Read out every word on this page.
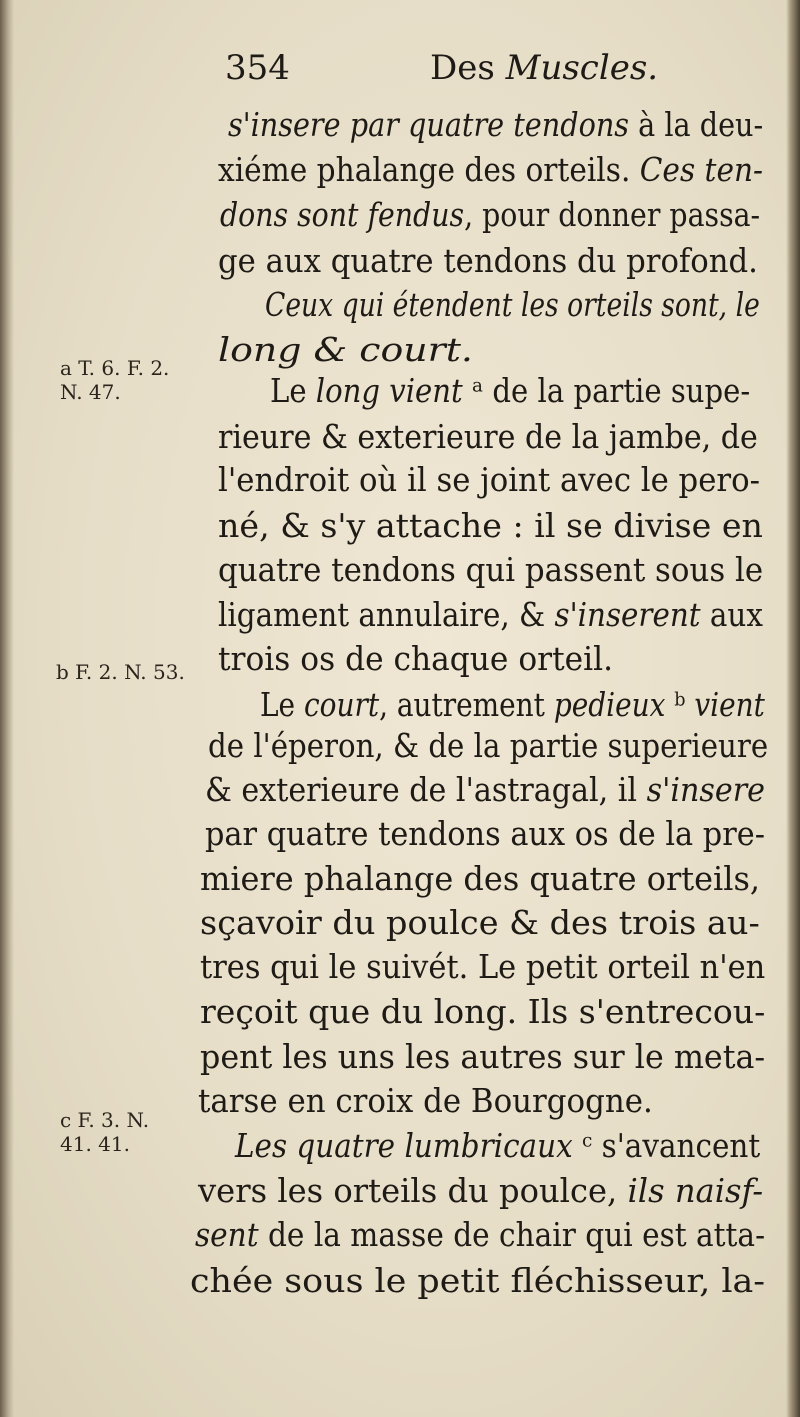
354	Des Muscles.
a T. 6. F. 2.
N. 47.
b F. 2. N. 53.
c F. 3. N.
41. 41.
s'insere par quatre tendons à la deu-
xiéme phalange des orteils. Ces ten-
dons sont fendus, pour donner passa-
ge aux quatre tendons du profond.
Ceux qui étendent les orteils sont, le
long & court.
Le long vient ᵃ de la partie supe-
rieure & exterieure de la jambe, de
l'endroit où il se joint avec le pero-
né, & s'y attache : il se divise en
quatre tendons qui passent sous le
ligament annulaire, & s'inserent aux
trois os de chaque orteil.
Le court, autrement pedieux ᵇ vient
de l'éperon, & de la partie superieure
& exterieure de l'astragal, il s'insere
par quatre tendons aux os de la pre-
miere phalange des quatre orteils,
sçavoir du poulce & des trois au-
tres qui le suivét. Le petit orteil n'en
reçoit que du long. Ils s'entrecou-
pent les uns les autres sur le meta-
tarse en croix de Bourgogne.
Les quatre lumbricaux ᶜ s'avancent
vers les orteils du poulce, ils naisf-
sent de la masse de chair qui est atta-
chée sous le petit fléchisseur, la-
